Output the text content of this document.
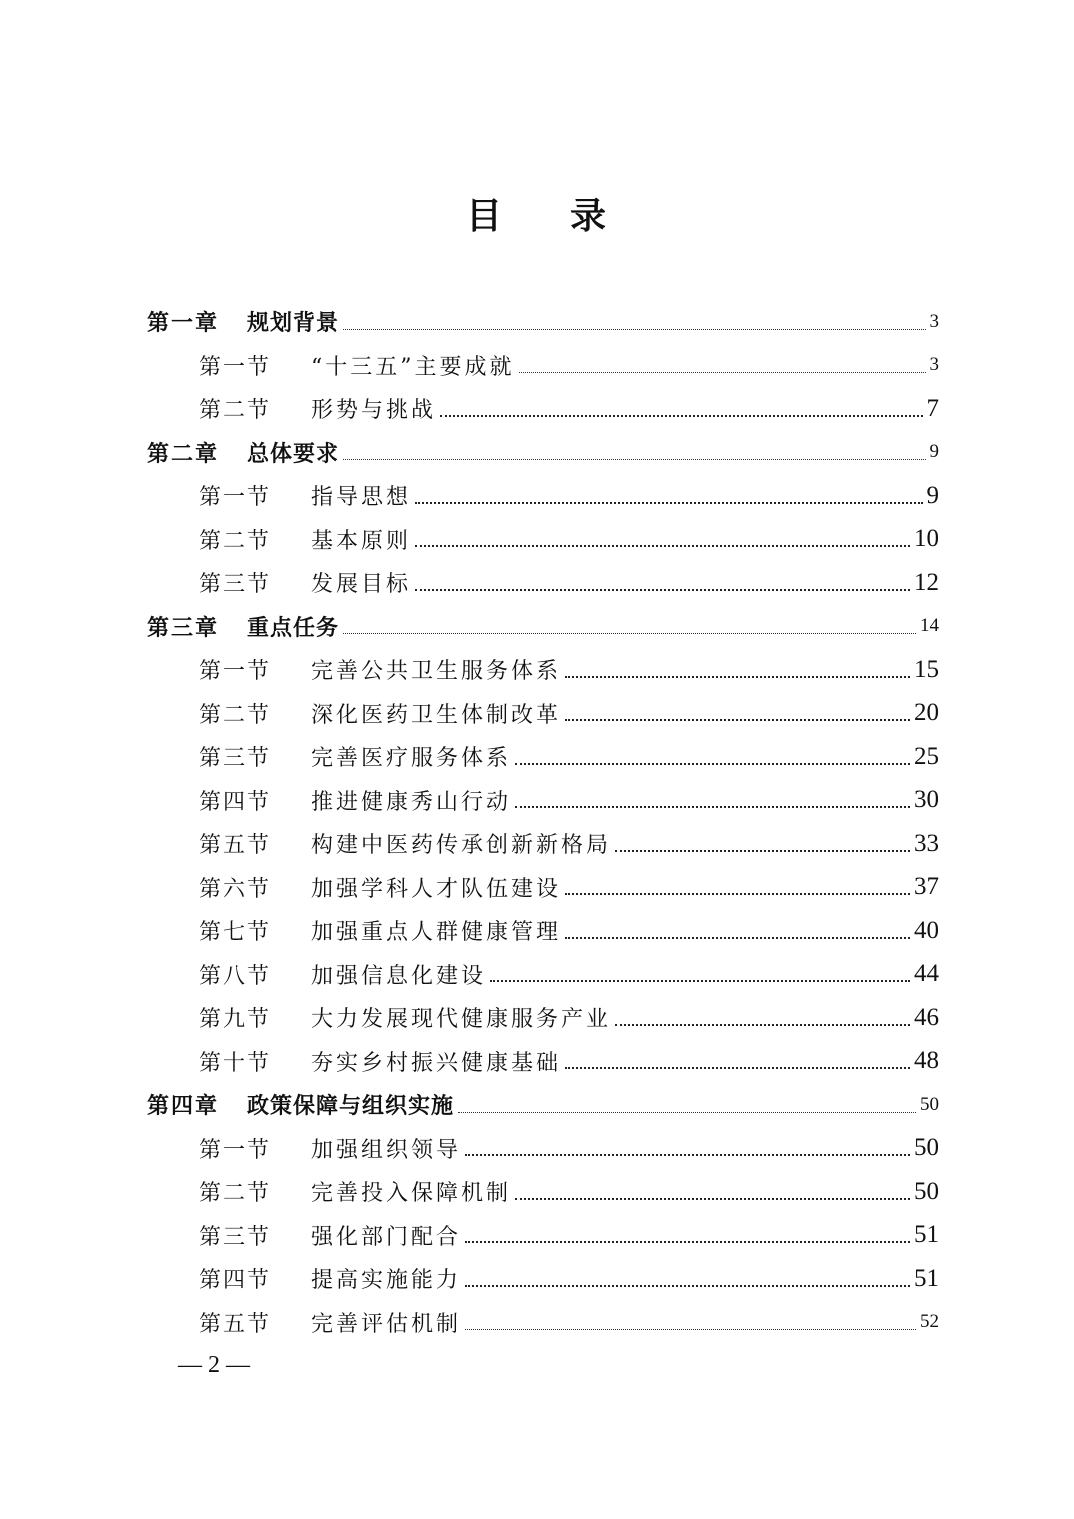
目 录
第一章	规划背景	3
第一节	“十三五”主要成就	3
第二节	形势与挑战	7
第二章	总体要求	9
第一节	指导思想	9
第二节	基本原则	10
第三节	发展目标	12
第三章	重点任务	14
第一节	完善公共卫生服务体系	15
第二节	深化医药卫生体制改革	20
第三节	完善医疗服务体系	25
第四节	推进健康秀山行动	30
第五节	构建中医药传承创新新格局	33
第六节	加强学科人才队伍建设	37
第七节	加强重点人群健康管理	40
第八节	加强信息化建设	44
第九节	大力发展现代健康服务产业	46
第十节	夯实乡村振兴健康基础	48
第四章	政策保障与组织实施	50
第一节	加强组织领导	50
第二节	完善投入保障机制	50
第三节	强化部门配合	51
第四节	提高实施能力	51
第五节	完善评估机制	52
— 2 —
